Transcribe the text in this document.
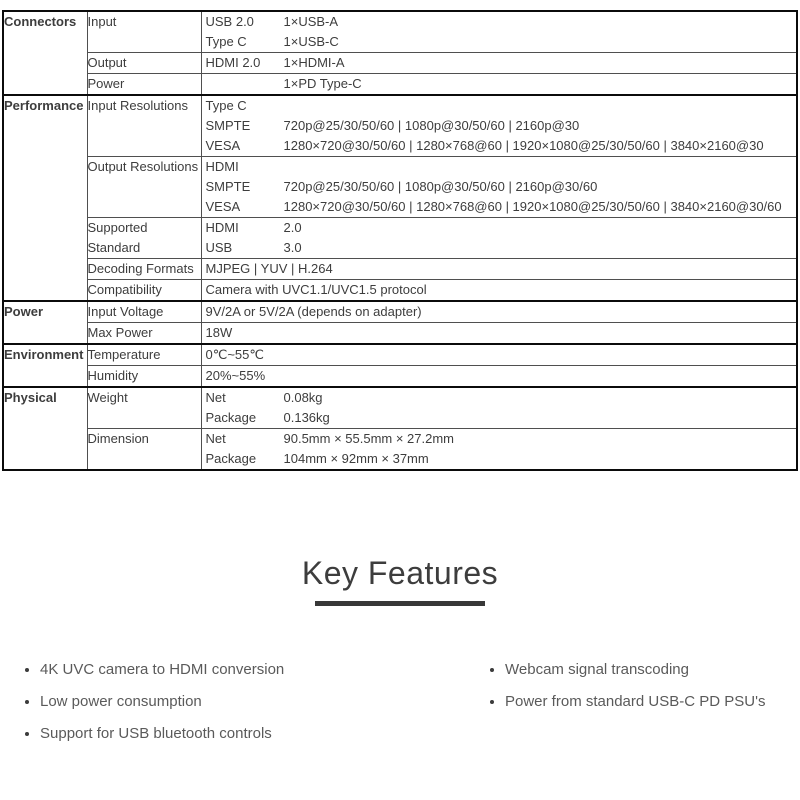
Connectors	Input	USB 2.0 1×USB-A
Type C 1×USB-C

	Output	HDMI 2.0 1×HDMI-A

	Power	1×PD Type-C

Performance	Input Resolutions	Type C
SMPTE 720p@25/30/50/60 | 1080p@30/50/60 | 2160p@30
VESA 1280×720@30/50/60 | 1280×768@60 | 1920×1080@25/30/50/60 | 3840×2160@30

	Output Resolutions	HDMI
SMPTE 720p@25/30/50/60 | 1080p@30/50/60 | 2160p@30/60
VESA 1280×720@30/50/60 | 1280×768@60 | 1920×1080@25/30/50/60 | 3840×2160@30/60

	Supported Standard	HDMI 2.0
USB 3.0

	Decoding Formats	MJPEG | YUV | H.264

	Compatibility	Camera with UVC1.1/UVC1.5 protocol

Power	Input Voltage	9V/2A or 5V/2A (depends on adapter)

	Max Power	18W

Environment	Temperature	0℃~55℃

	Humidity	20%~55%

Physical	Weight	Net 0.08kg
Package 0.136kg

	Dimension	Net 90.5mm × 55.5mm × 27.2mm
Package 104mm × 92mm × 37mm
Key Features
• 4K UVC camera to HDMI conversion
• Low power consumption
• Support for USB bluetooth controls
• Webcam signal transcoding
• Power from standard USB-C PD PSU's
